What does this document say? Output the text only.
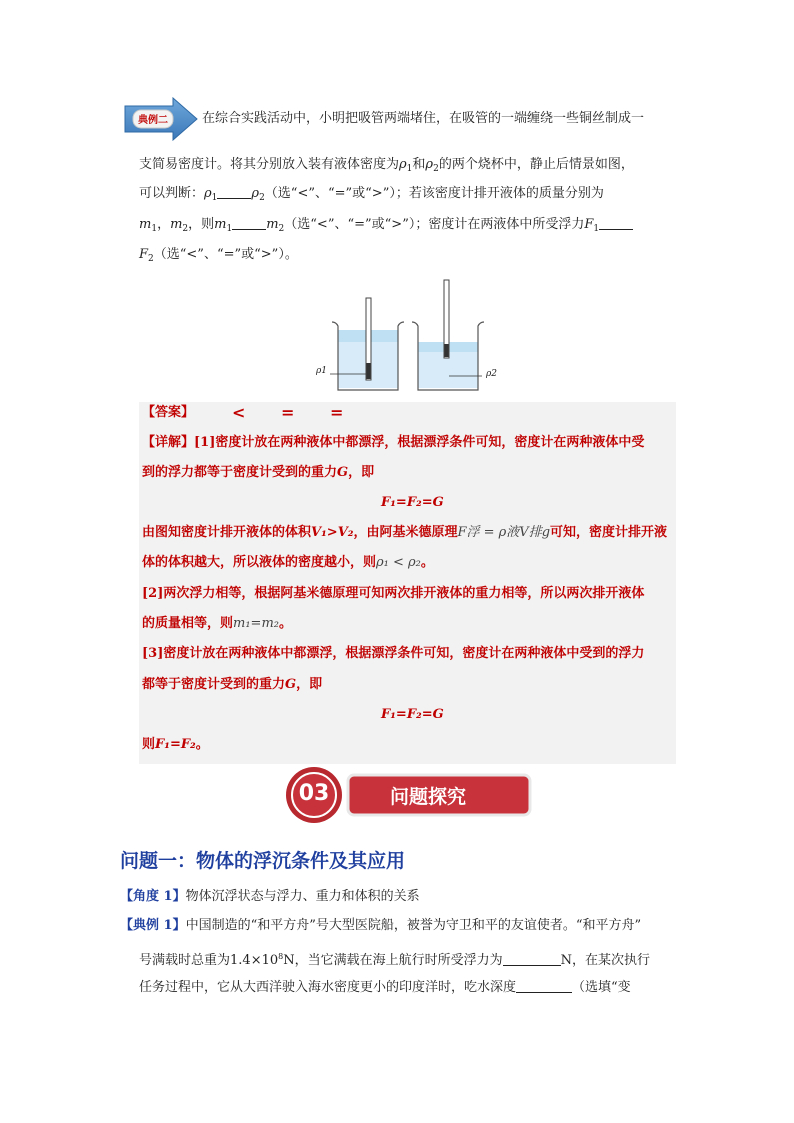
典例二	在综合实践活动中，小明把吸管两端堵住，在吸管的一端缠绕一些铜丝制成一
支简易密度计。将其分别放入装有液体密度为$\rho_1$和$\rho_2$的两个烧杯中，静止后情景如图，
可以判断：$\rho_1$	$\rho_2$（选“<”、“=”或“>”）；若该密度计排开液体的质量分别为
$m_1$，$m_2$，则$m_1$	$m_2$（选“<”、“=”或“>”）；密度计在两液体中所受浮力$F_1$
$F_2$（选“<”、“=”或“>”）。
ρ1	ρ2
【答案】 < = =
【详解】[1]密度计放在两种液体中都漂浮，根据漂浮条件可知，密度计在两种液体中受
到的浮力都等于密度计受到的重力G，即
F₁=F₂=G
由图知密度计排开液体的体积V₁>V₂，由阿基米德原理F浮 = ρ液V排g可知，密度计排开液
体的体积越大，所以液体的密度越小，则ρ₁ < ρ₂。
[2]两次浮力相等，根据阿基米德原理可知两次排开液体的重力相等，所以两次排开液体
的质量相等，则m₁=m₂。
[3]密度计放在两种液体中都漂浮，根据漂浮条件可知，密度计在两种液体中受到的浮力
都等于密度计受到的重力G，即
F₁=F₂=G
则F₁=F₂。
03	问题探究
问题一：物体的浮沉条件及其应用
【角度 1】物体沉浮状态与浮力、重力和体积的关系
【典例 1】中国制造的“和平方舟”号大型医院船，被誉为守卫和平的友谊使者。“和平方舟”
号满载时总重为$1.4\times 10^8N$，当它满载在海上航行时所受浮力为	N，在某次执行
任务过程中，它从大西洋驶入海水密度更小的印度洋时，吃水深度	（选填“变
